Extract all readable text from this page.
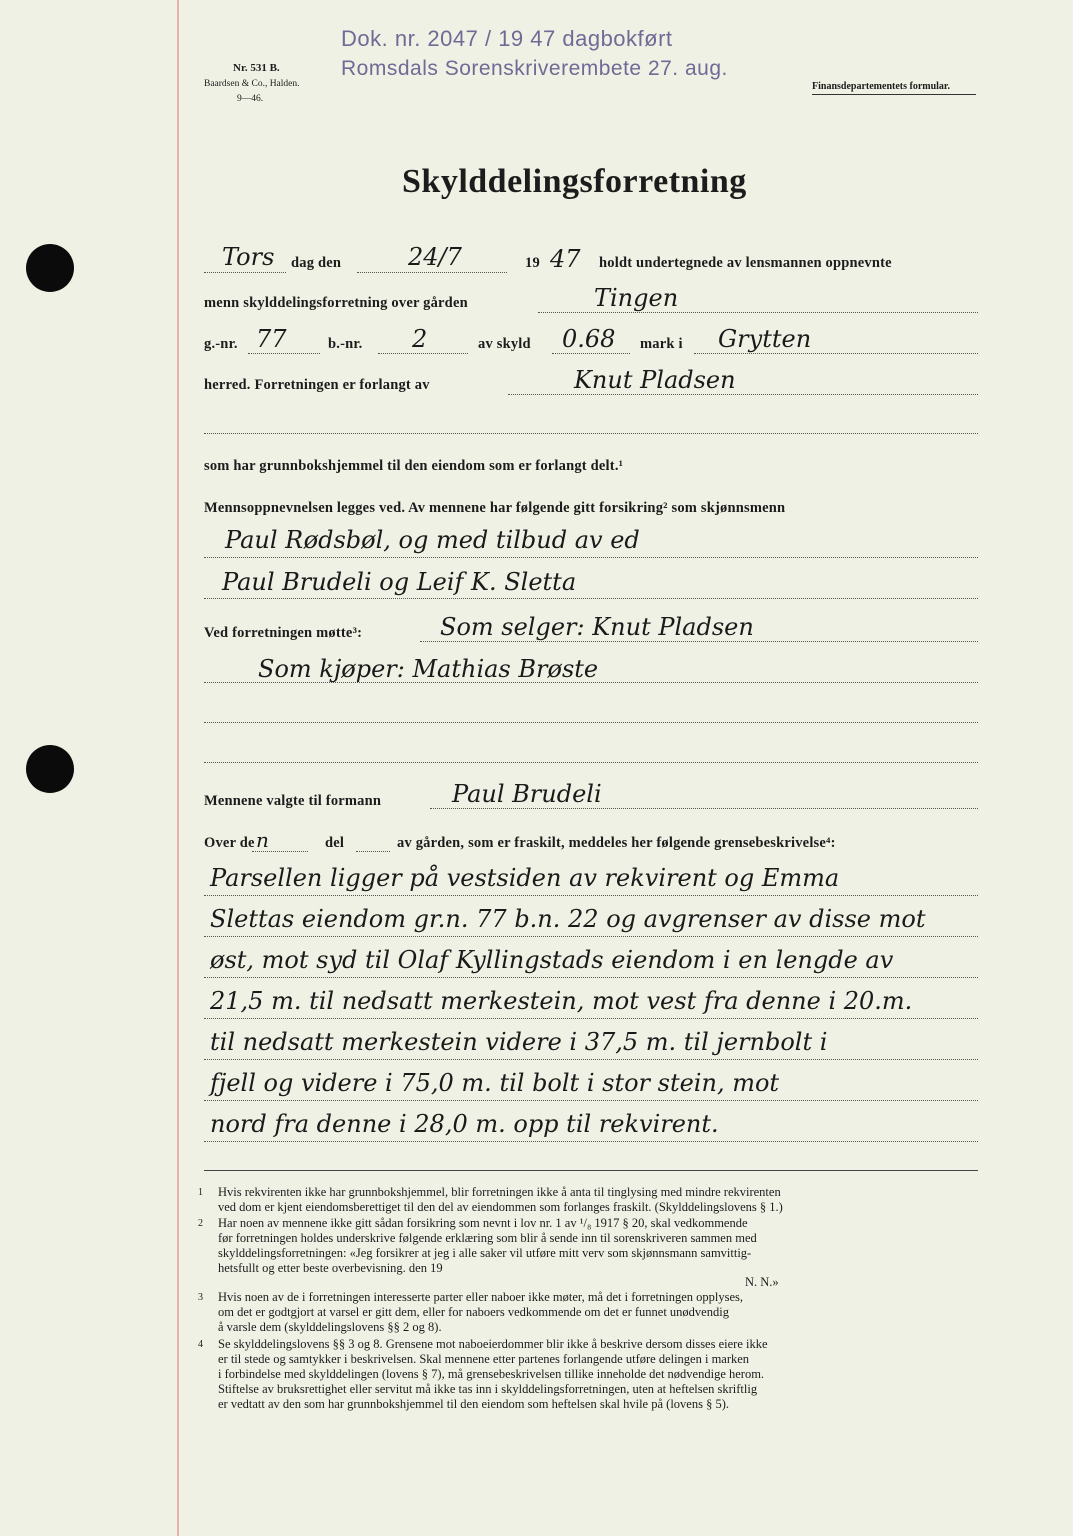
Nr. 531 B.
Baardsen & Co., Halden.
9—46.
Dok. nr. 2047 / 19 47 dagbokført
Romsdals Sorenskriverembete 27. aug.
Finansdepartementets formular.
Skylddelingsforretning
Tors dag den	24/7	19 47 holdt undertegnede av lensmannen oppnevnte
menn skylddelingsforretning over gården	Tingen
g.-nr. 77	b.-nr. 2	av skyld 0.68 mark i Grytten
herred. Forretningen er forlangt av	Knut Pladsen
som har grunnbokshjemmel til den eiendom som er forlangt delt.¹
Mennsoppnevnelsen legges ved. Av mennene har følgende gitt forsikring² som skjønnsmenn
Paul Rødsbøl, og med tilbud av ed
Paul Brudeli og Leif K. Sletta
Ved forretningen møtte³:	Som selger: Knut Pladsen
Som kjøper: Mathias Brøste
Mennene valgte til formann	Paul Brudeli
Over de n	del	av gården, som er fraskilt, meddeles her følgende grensebeskrivelse⁴:
Parsellen ligger på vestsiden av rekvirent og Emma
Slettas eiendom gr.n. 77 b.n. 22 og avgrenser av disse mot
øst, mot syd til Olaf Kyllingstads eiendom i en lengde av
21,5 m. til nedsatt merkestein, mot vest fra denne i 20.m.
til nedsatt merkestein videre i 37,5 m. til jernbolt i
fjell og videre i 75,0 m. til bolt i stor stein, mot
nord fra denne i 28,0 m. opp til rekvirent.
1	Hvis rekvirenten ikke har grunnbokshjemmel, blir forretningen ikke å anta til tinglysing med mindre rekvirenten
ved dom er kjent eiendomsberettiget til den del av eiendommen som forlanges fraskilt. (Skylddelingslovens § 1.)
2	Har noen av mennene ikke gitt sådan forsikring som nevnt i lov nr. 1 av ¹/₈ 1917 § 20, skal vedkommende
før forretningen holdes underskrive følgende erklæring som blir å sende inn til sorenskriveren sammen med
skylddelingsforretningen: «Jeg forsikrer at jeg i alle saker vil utføre mitt verv som skjønnsmann samvittig-
hetsfullt og etter beste overbevisning. den 19
N. N.»
3	Hvis noen av de i forretningen interesserte parter eller naboer ikke møter, må det i forretningen opplyses,
om det er godtgjort at varsel er gitt dem, eller for naboers vedkommende om det er funnet unødvendig
å varsle dem (skylddelingslovens §§ 2 og 8).
4	Se skylddelingslovens §§ 3 og 8. Grensene mot naboeierdommer blir ikke å beskrive dersom disses eiere ikke
er til stede og samtykker i beskrivelsen. Skal mennene etter partenes forlangende utføre delingen i marken
i forbindelse med skylddelingen (lovens § 7), må grensebeskrivelsen tillike inneholde det nødvendige herom.
Stiftelse av bruksrettighet eller servitut må ikke tas inn i skylddelingsforretningen, uten at heftelsen skriftlig
er vedtatt av den som har grunnbokshjemmel til den eiendom som heftelsen skal hvile på (lovens § 5).
